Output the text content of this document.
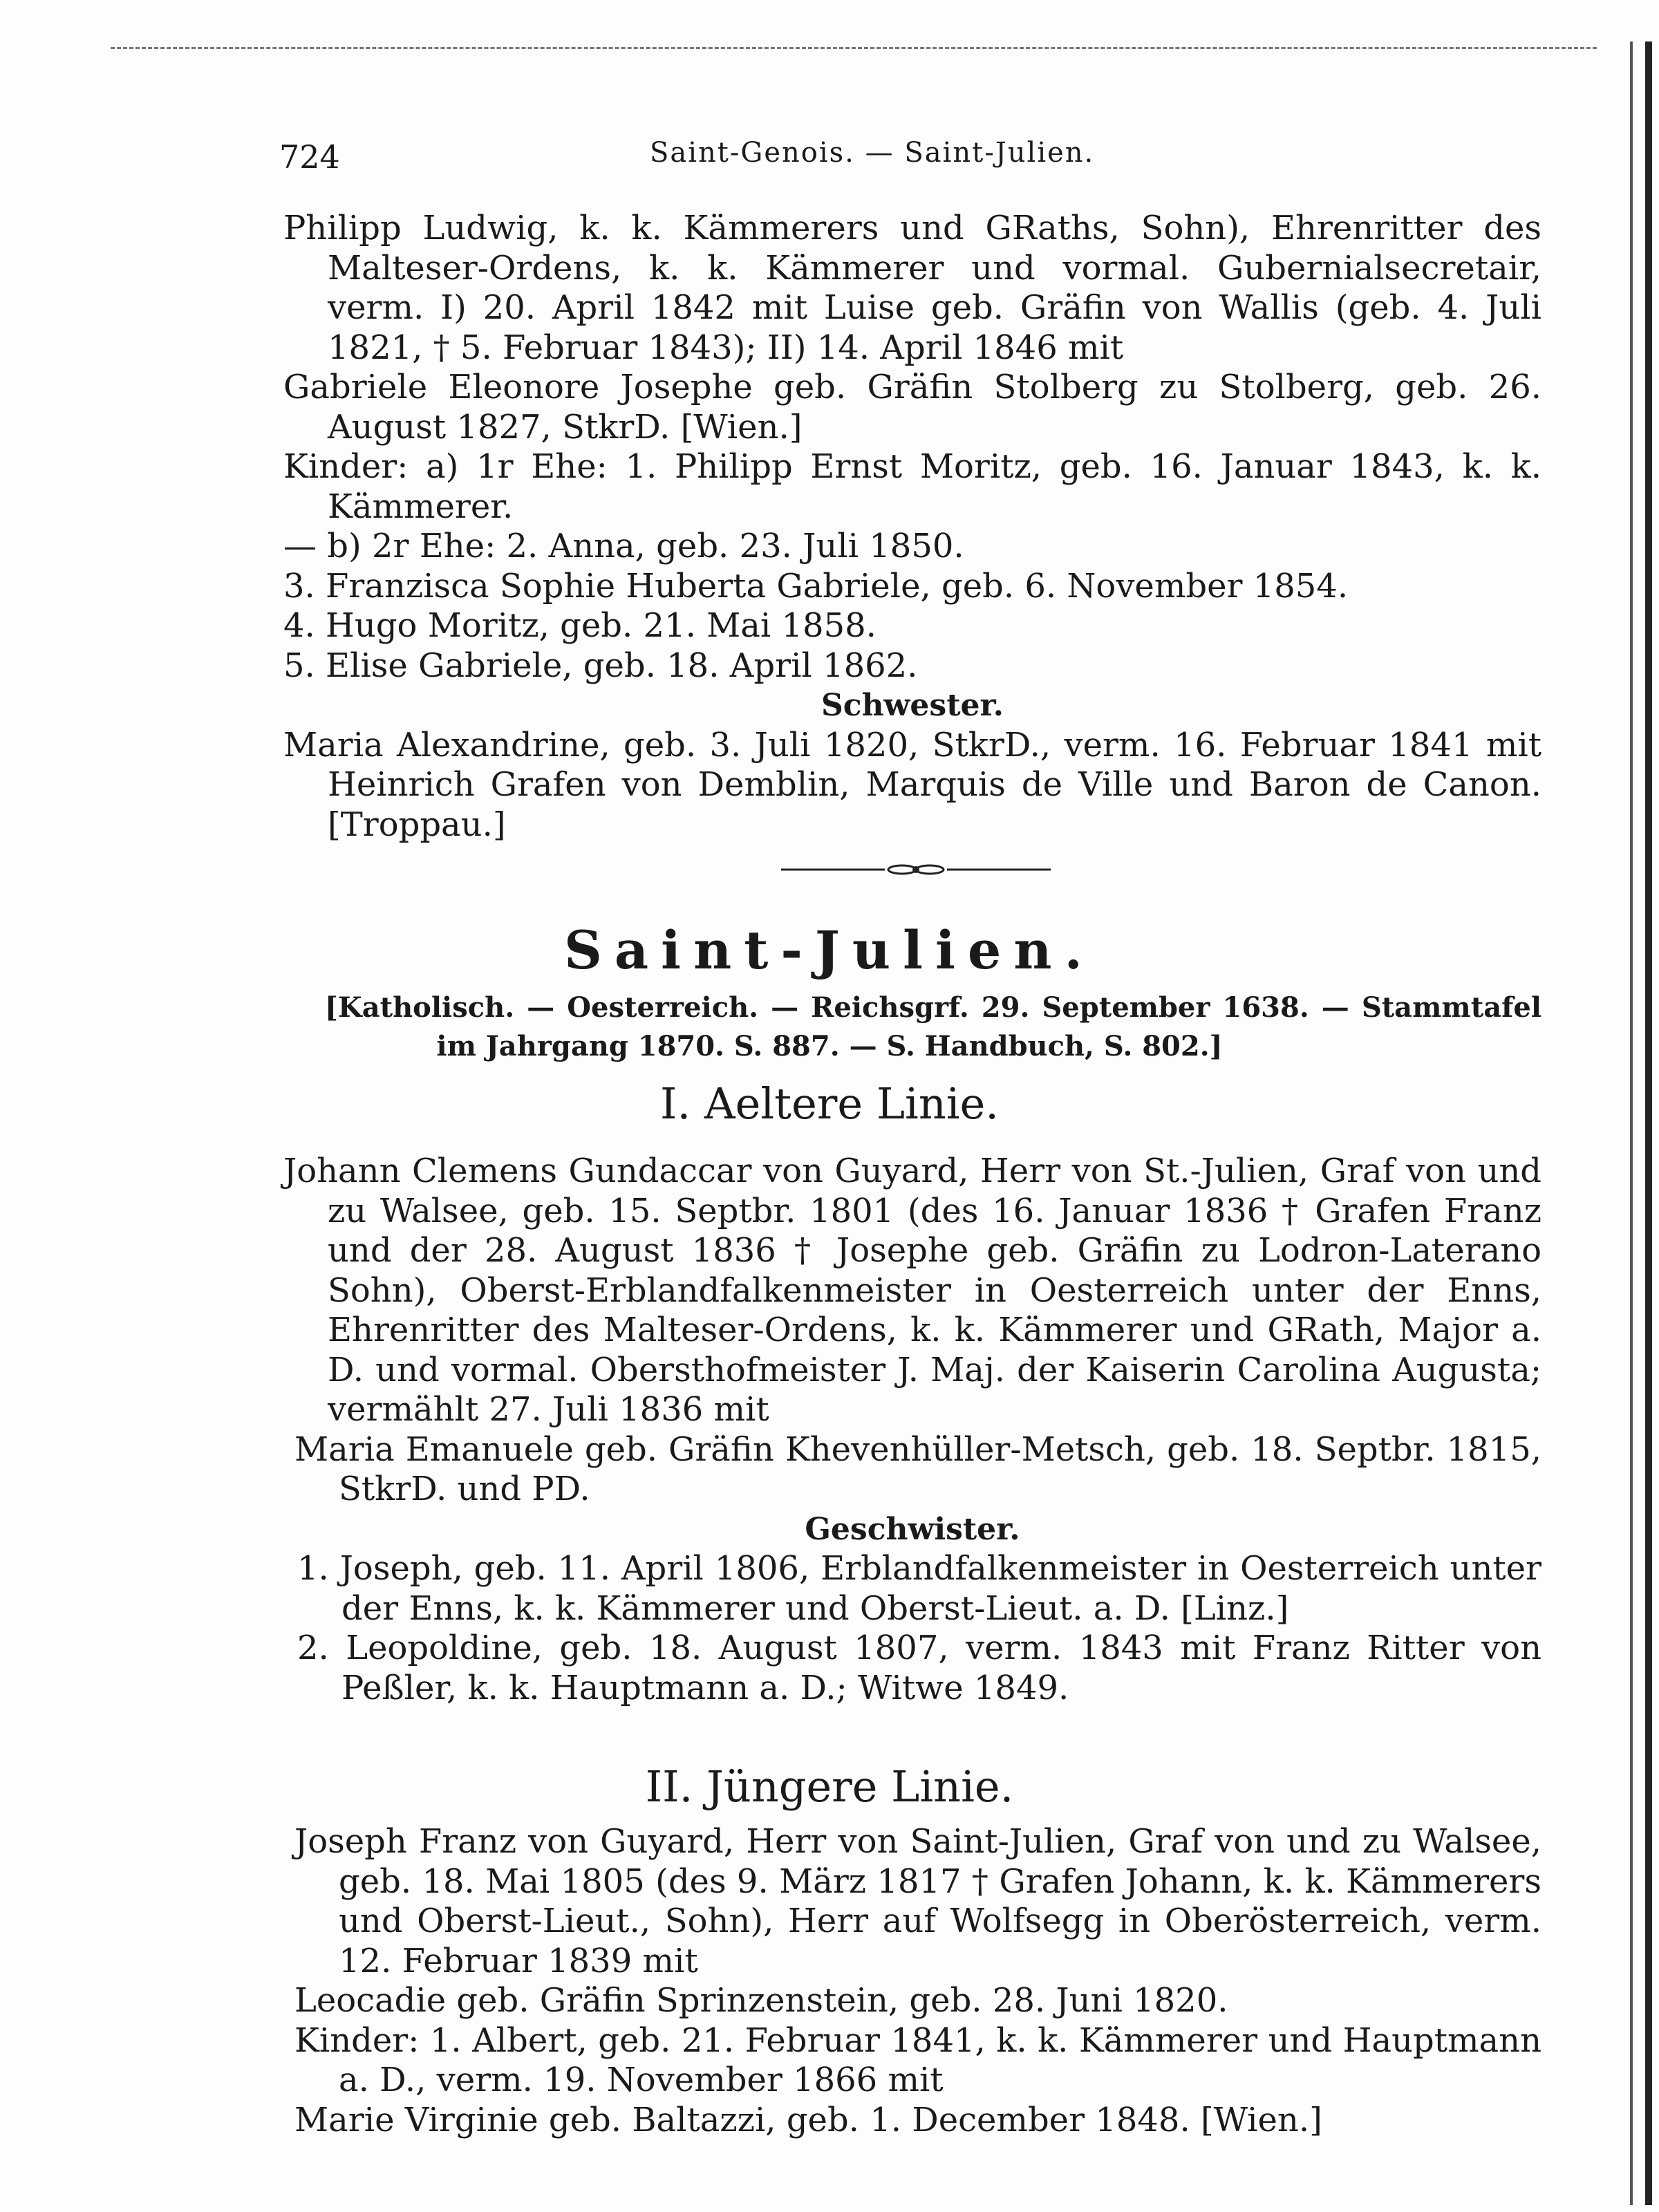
724	Saint-Genois. — Saint-Julien.

Philipp Ludwig, k. k. Kämmerers und GRaths, Sohn), Ehrenritter des Malteser-Ordens, k. k. Kämmerer und vormal. Gubernialsecretair, verm. I) 20. April 1842 mit Luise geb. Gräfin von Wallis (geb. 4. Juli 1821, † 5. Februar 1843); II) 14. April 1846 mit

Gabriele Eleonore Josephe geb. Gräfin Stolberg zu Stolberg, geb. 26. August 1827, StkrD. [Wien.]

Kinder: a) 1r Ehe: 1. Philipp Ernst Moritz, geb. 16. Januar 1843, k. k. Kämmerer.

— b) 2r Ehe: 2. Anna, geb. 23. Juli 1850.

3. Franzisca Sophie Huberta Gabriele, geb. 6. November 1854.

4. Hugo Moritz, geb. 21. Mai 1858.

5. Elise Gabriele, geb. 18. April 1862.

Schwester.

Maria Alexandrine, geb. 3. Juli 1820, StkrD., verm. 16. Februar 1841 mit Heinrich Grafen von Demblin, Marquis de Ville und Baron de Canon. [Troppau.]

Saint-Julien.

[Katholisch. — Oesterreich. — Reichsgrf. 29. September 1638. — Stammtafel

im Jahrgang 1870. S. 887. — S. Handbuch, S. 802.]

I. Aeltere Linie.

Johann Clemens Gundaccar von Guyard, Herr von St.-Julien, Graf von und zu Walsee, geb. 15. Septbr. 1801 (des 16. Januar 1836 † Grafen Franz und der 28. August 1836 † Josephe geb. Gräfin zu Lodron-Laterano Sohn), Oberst-Erblandfalkenmeister in Oesterreich unter der Enns, Ehrenritter des Malteser-Ordens, k. k. Kämmerer und GRath, Major a. D. und vormal. Obersthofmeister J. Maj. der Kaiserin Carolina Augusta; vermählt 27. Juli 1836 mit

Maria Emanuele geb. Gräfin Khevenhüller-Metsch, geb. 18. Septbr. 1815, StkrD. und PD.

Geschwister.

1. Joseph, geb. 11. April 1806, Erblandfalkenmeister in Oesterreich unter der Enns, k. k. Kämmerer und Oberst-Lieut. a. D. [Linz.]

2. Leopoldine, geb. 18. August 1807, verm. 1843 mit Franz Ritter von Peßler, k. k. Hauptmann a. D.; Witwe 1849.

II. Jüngere Linie.

Joseph Franz von Guyard, Herr von Saint-Julien, Graf von und zu Walsee, geb. 18. Mai 1805 (des 9. März 1817 † Grafen Johann, k. k. Kämmerers und Oberst-Lieut., Sohn), Herr auf Wolfsegg in Oberösterreich, verm. 12. Februar 1839 mit

Leocadie geb. Gräfin Sprinzenstein, geb. 28. Juni 1820.

Kinder: 1. Albert, geb. 21. Februar 1841, k. k. Kämmerer und Hauptmann a. D., verm. 19. November 1866 mit

Marie Virginie geb. Baltazzi, geb. 1. December 1848. [Wien.]
